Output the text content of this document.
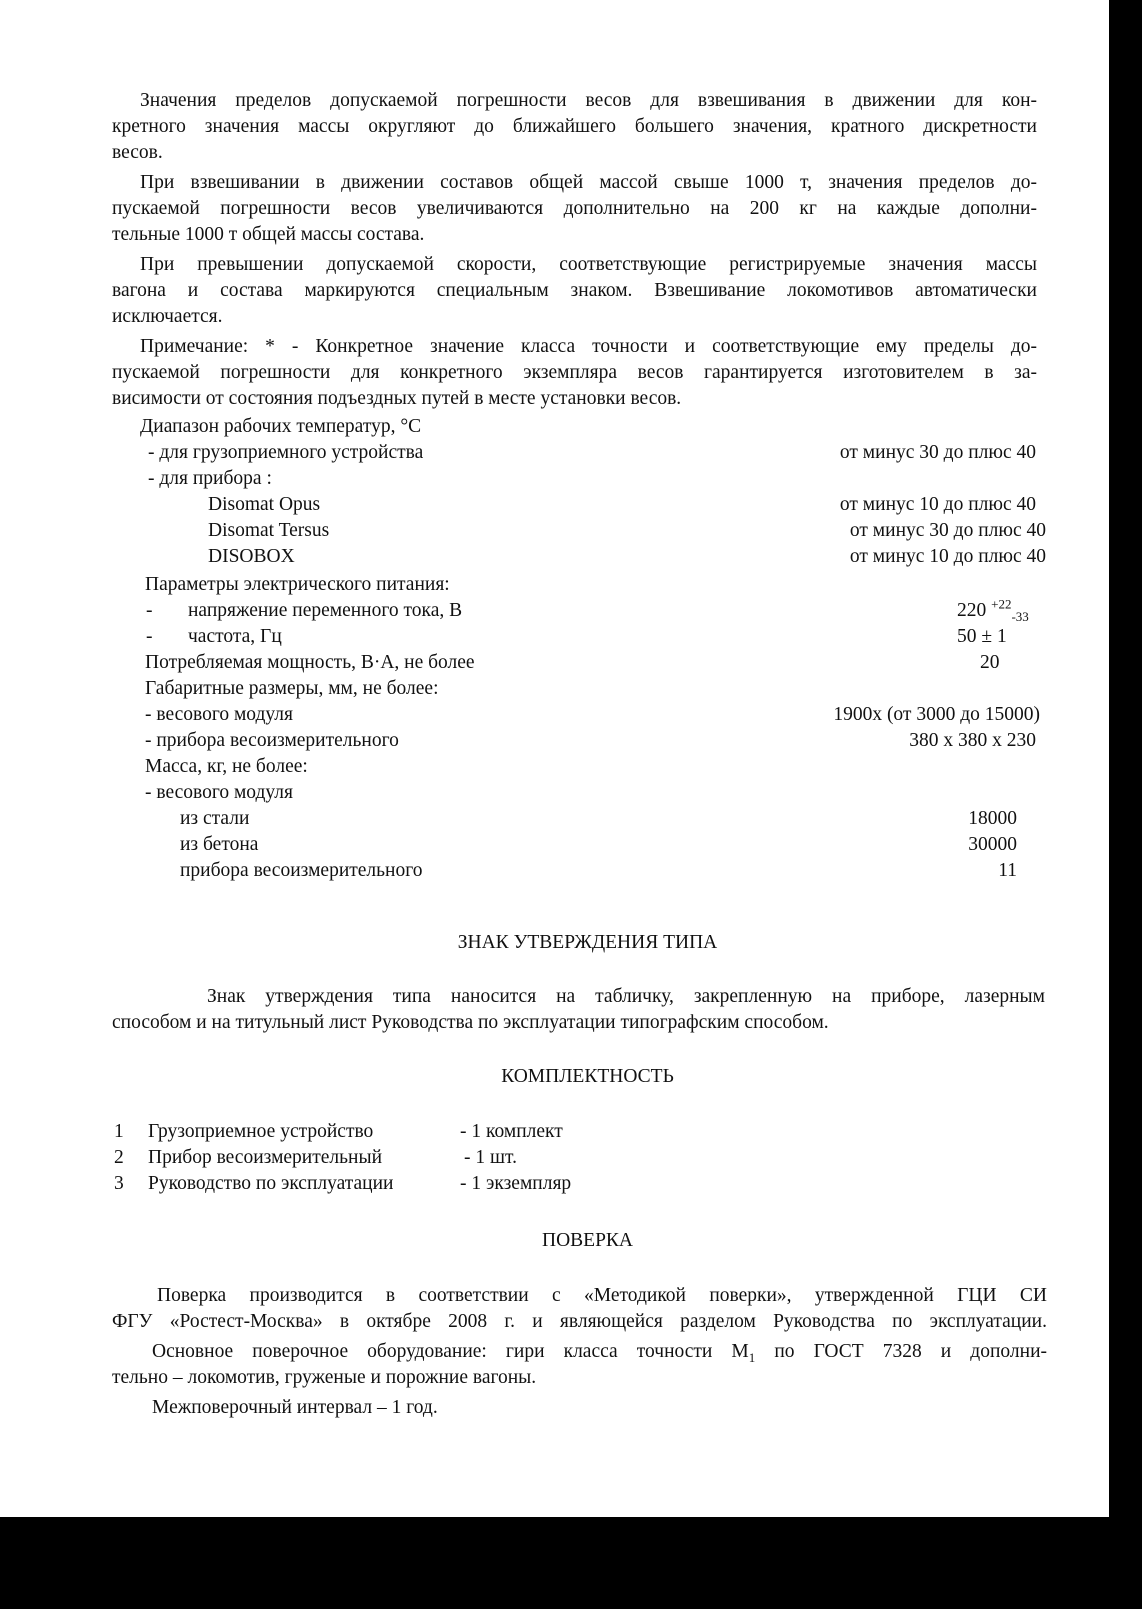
Значения пределов допускаемой погрешности весов для взвешивания в движении для кон-
кретного значения массы округляют до ближайшего большего значения, кратного дискретности
весов.
При взвешивании в движении составов общей массой свыше 1000 т, значения пределов до-
пускаемой погрешности весов увеличиваются дополнительно на 200 кг на каждые дополни-
тельные 1000 т общей массы состава.
При превышении допускаемой скорости, соответствующие регистрируемые значения массы
вагона и состава маркируются специальным знаком. Взвешивание локомотивов автоматически
исключается.
Примечание: * - Конкретное значение класса точности и соответствующие ему пределы до-
пускаемой погрешности для конкретного экземпляра весов гарантируется изготовителем в за-
висимости от состояния подъездных путей в месте установки весов.
Диапазон рабочих температур, °С
- для грузоприемного устройства	от минус 30 до плюс 40
- для прибора :
Disomat Opus	от минус 10 до плюс 40
Disomat Tersus	от минус 30 до плюс 40
DISOBOX	от минус 10 до плюс 40
Параметры электрического питания:
- напряжение переменного тока, В	220 $^{+22}_{-33}$
- частота, Гц	50 ± 1
Потребляемая мощность, В·А, не более	20
Габаритные размеры, мм, не более:
- весового модуля	1900х (от 3000 до 15000)
- прибора весоизмерительного	380 х 380 х 230
Масса, кг, не более:
- весового модуля
из стали	18000
из бетона	30000
прибора весоизмерительного	11
ЗНАК УТВЕРЖДЕНИЯ ТИПА
Знак утверждения типа наносится на табличку, закрепленную на приборе, лазерным
способом и на титульный лист Руководства по эксплуатации типографским способом.
КОМПЛЕКТНОСТЬ
1 Грузоприемное устройство	- 1 комплект
2 Прибор весоизмерительный	- 1 шт.
3 Руководство по эксплуатации	- 1 экземпляр
ПОВЕРКА
Поверка производится в соответствии с «Методикой поверки», утвержденной ГЦИ СИ
ФГУ «Ростест-Москва» в октябре 2008 г. и являющейся разделом Руководства по эксплуатации.
Основное поверочное оборудование: гири класса точности $М_1$ по ГОСТ 7328 и дополни-
тельно – локомотив, груженые и порожние вагоны.
Межповерочный интервал – 1 год.
